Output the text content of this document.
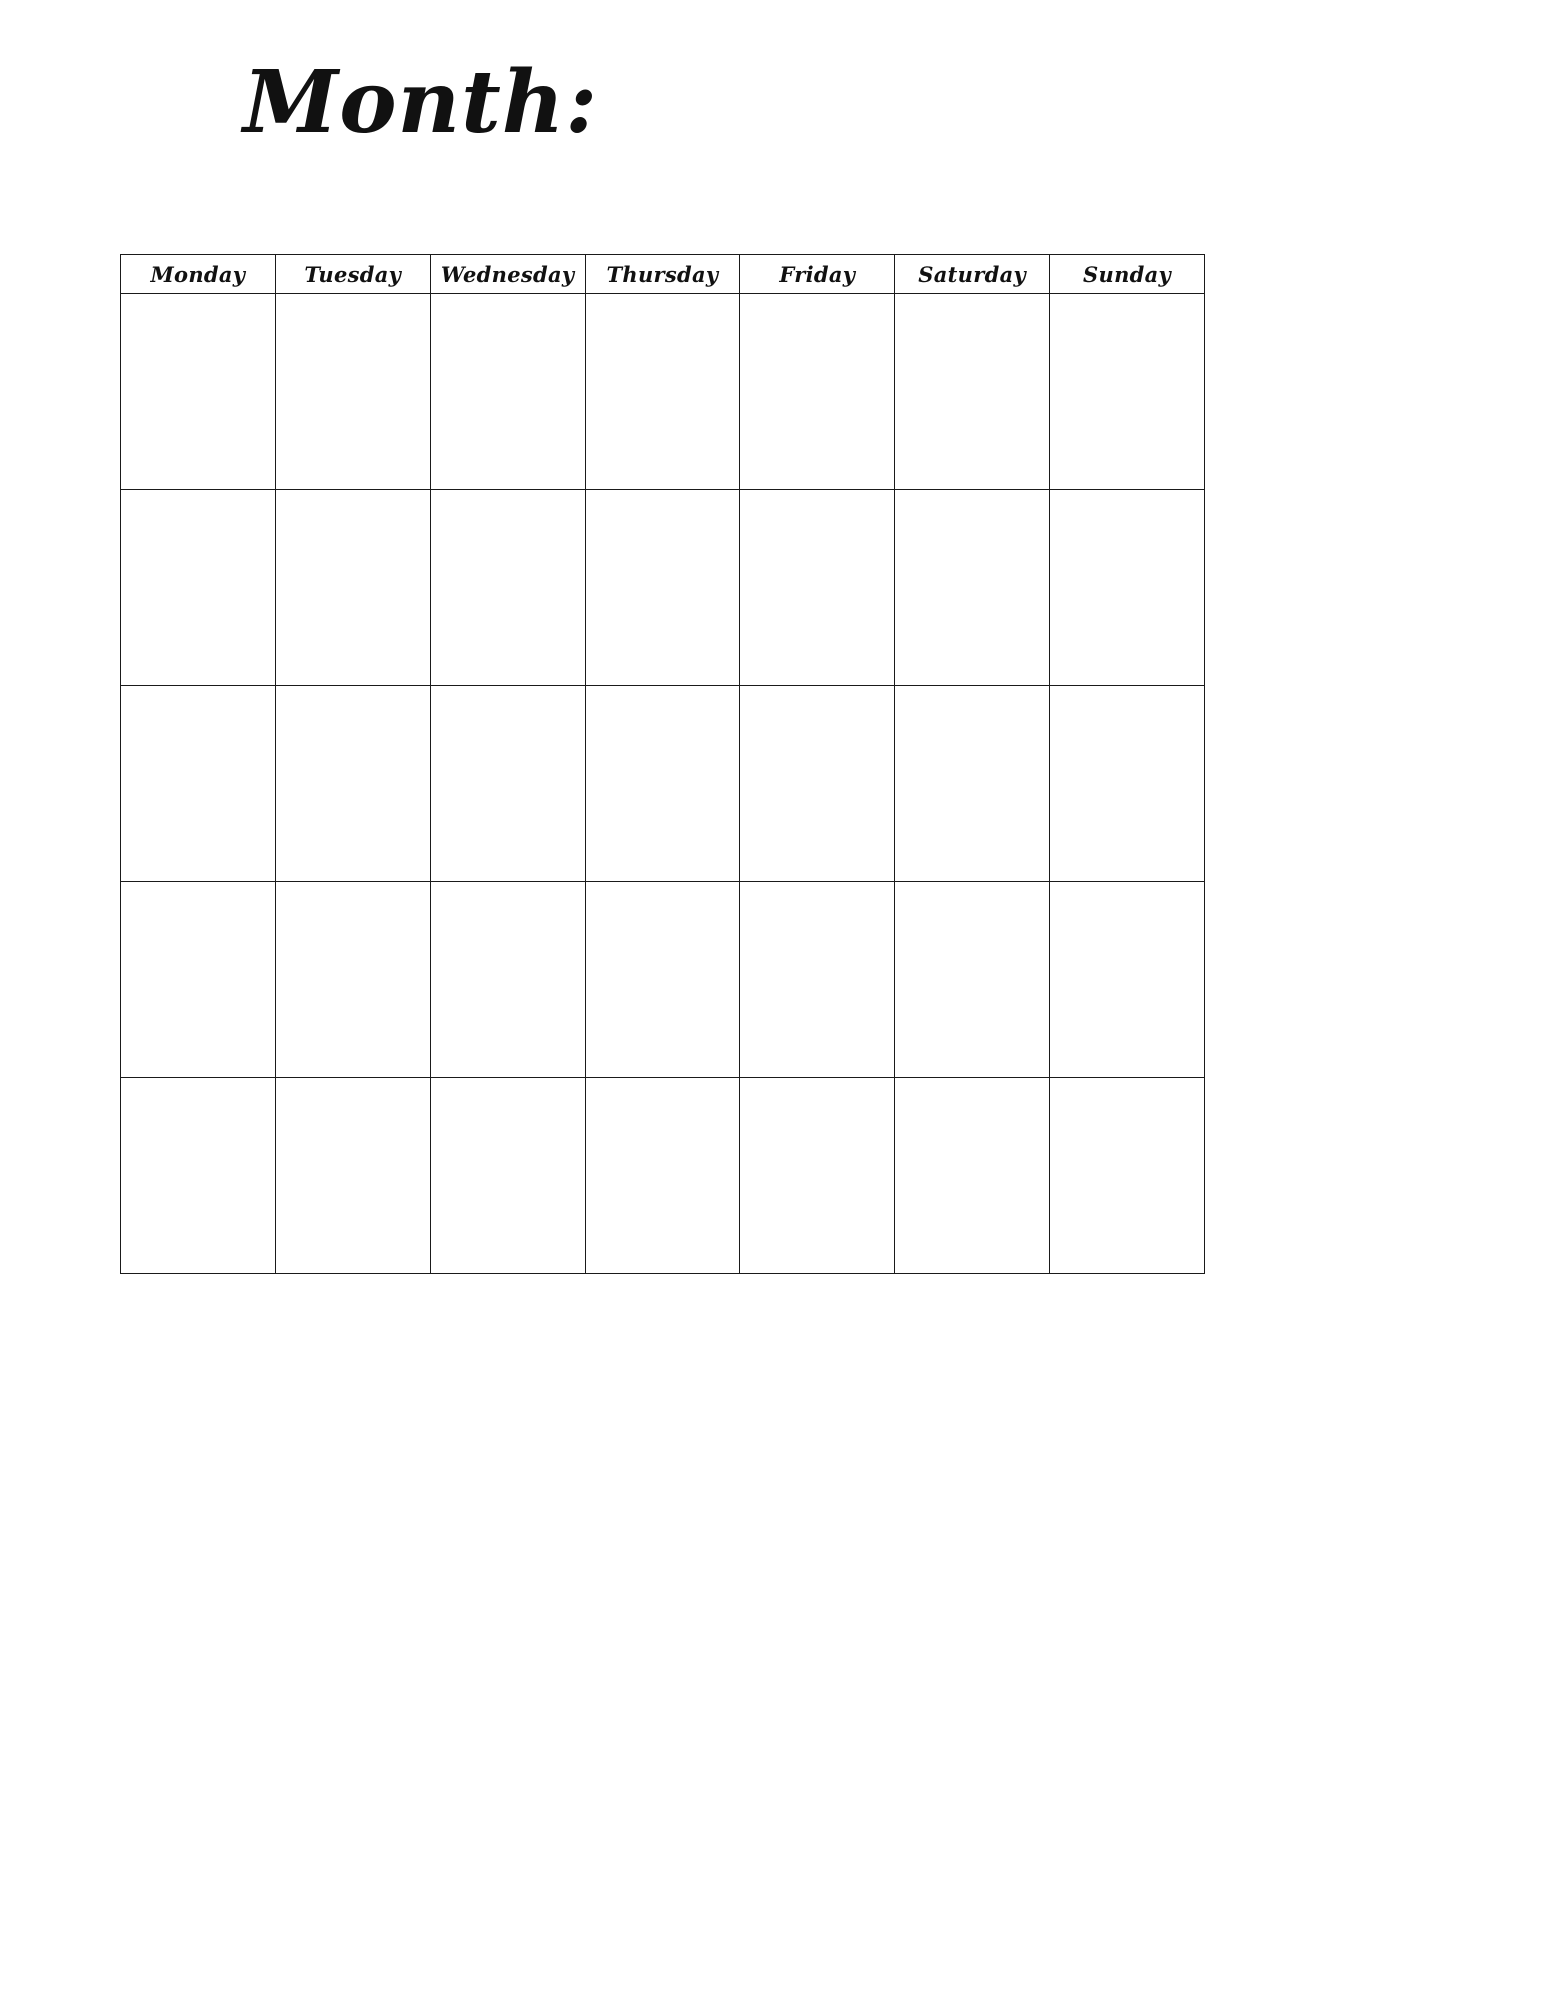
Month:
Monday	Tuesday	Wednesday	Thursday	Friday	Saturday	Sunday
